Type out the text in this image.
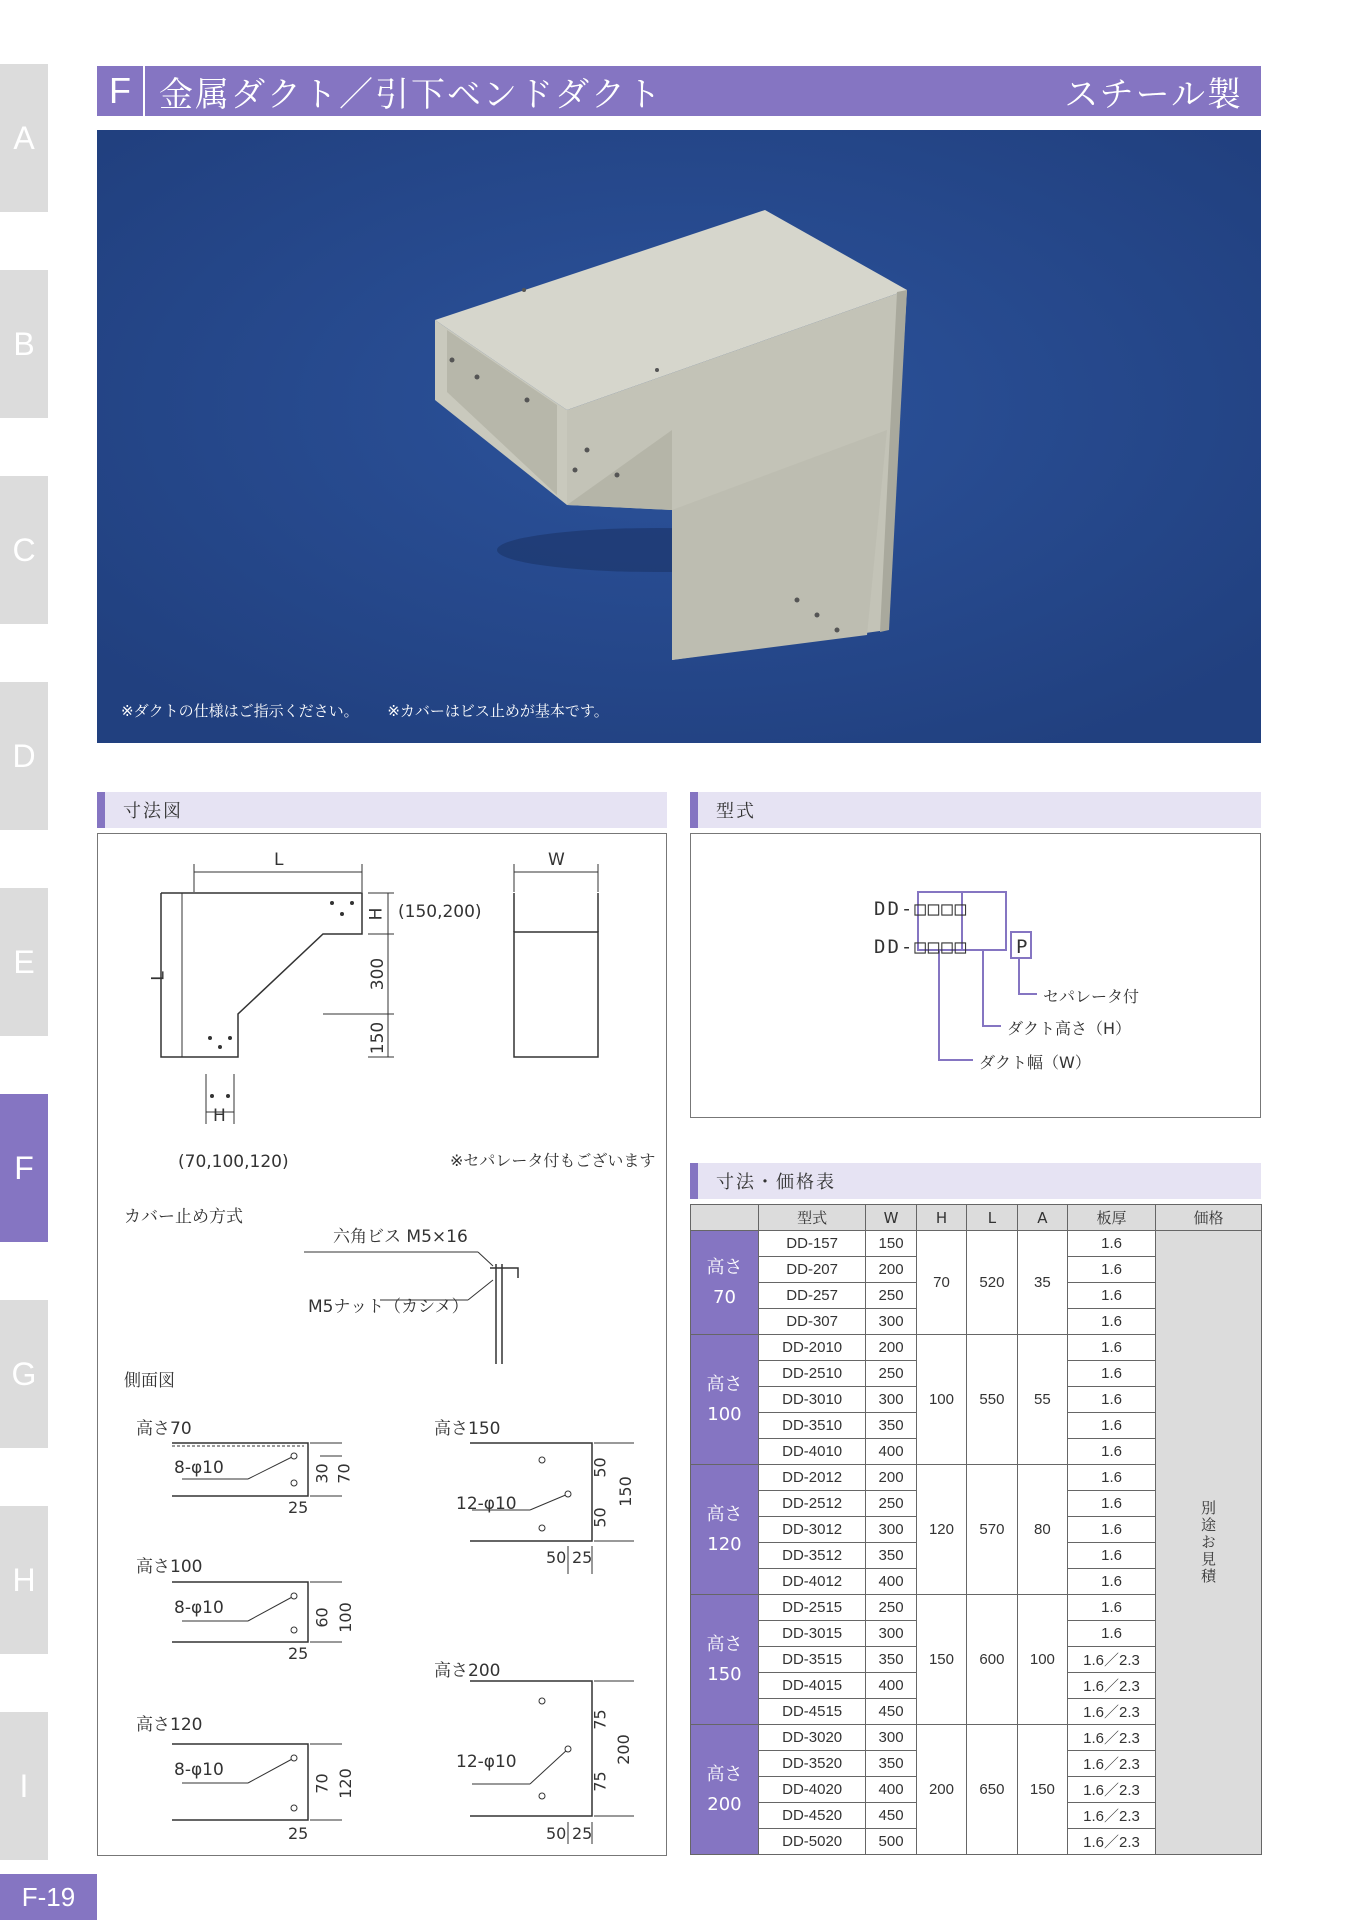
A
B
C
D
E
F
G
H
I
F-19
F 金属ダクト／引下ベンドダクト	スチール製
※ダクトの仕様はご指示ください。 ※カバーはビス止めが基本です。
寸法図	型式
寸法・価格表
L
L
H (150,200)
300
150
H
(70,100,120)
W
※セパレータ付もございます
カバー止め方式
六角ビス M5×16
M5ナット（カシメ）
側面図
高さ70
8-φ10	30 70
25
高さ100
8-φ10	60 100
25
高さ120
8-φ10
70 120
25
高さ150
12-φ10
50
50
150
50 25
高さ200
12-φ10
75
75
200
50 25
DD-□□□□
DD-□□□□	P
セパレータ付
ダクト高さ（H）
ダクト幅（W）
	型式	W	H	L	A	板厚	価格

高さ
70	DD-157	150	70	520	35	1.6	別途お見積
	DD-207	200				1.6	
	DD-257	250				1.6	
	DD-307	300				1.6	

高さ
100	DD-2010	200	100	550	55	1.6	
	DD-2510	250				1.6	
	DD-3010	300				1.6	
	DD-3510	350				1.6	
	DD-4010	400				1.6	

高さ
120	DD-2012	200	120	570	80	1.6	
	DD-2512	250				1.6	
	DD-3012	300				1.6	
	DD-3512	350				1.6	
	DD-4012	400				1.6	

高さ
150	DD-2515	250	150	600	100	1.6	
	DD-3015	300				1.6	
	DD-3515	350				1.6／2.3	
	DD-4015	400				1.6／2.3	
	DD-4515	450				1.6／2.3	

高さ
200	DD-3020	300	200	650	150	1.6／2.3	
	DD-3520	350				1.6／2.3	
	DD-4020	400				1.6／2.3	
	DD-4520	450				1.6／2.3	
	DD-5020	500				1.6／2.3	
